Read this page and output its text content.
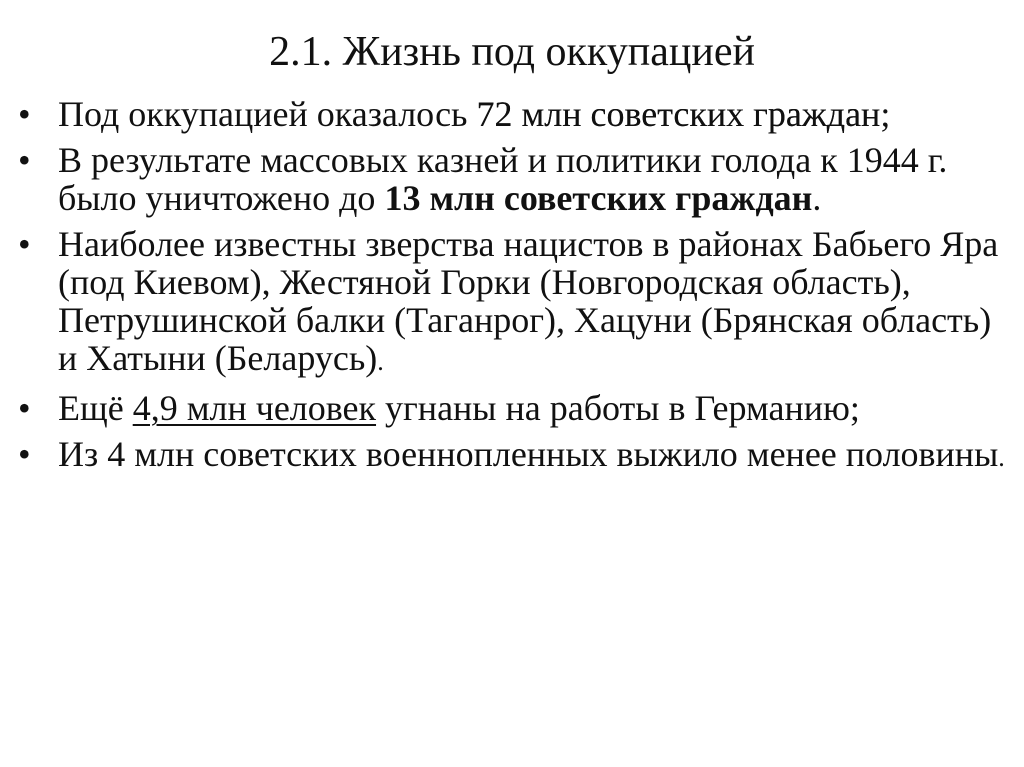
2.1. Жизнь под оккупацией
• Под оккупацией оказалось 72 млн советских граждан;
• В результате массовых казней и политики голода к 1944 г. было уничтожено до 13 млн советских граждан.
• Наиболее известны зверства нацистов в районах Бабьего Яра (под Киевом), Жестяной Горки (Новгородская область), Петрушинской балки (Таганрог), Хацуни (Брянская область) и Хатыни (Беларусь).
• Ещё 4,9 млн человек угнаны на работы в Германию;
• Из 4 млн советских военнопленных выжило менее половины.
